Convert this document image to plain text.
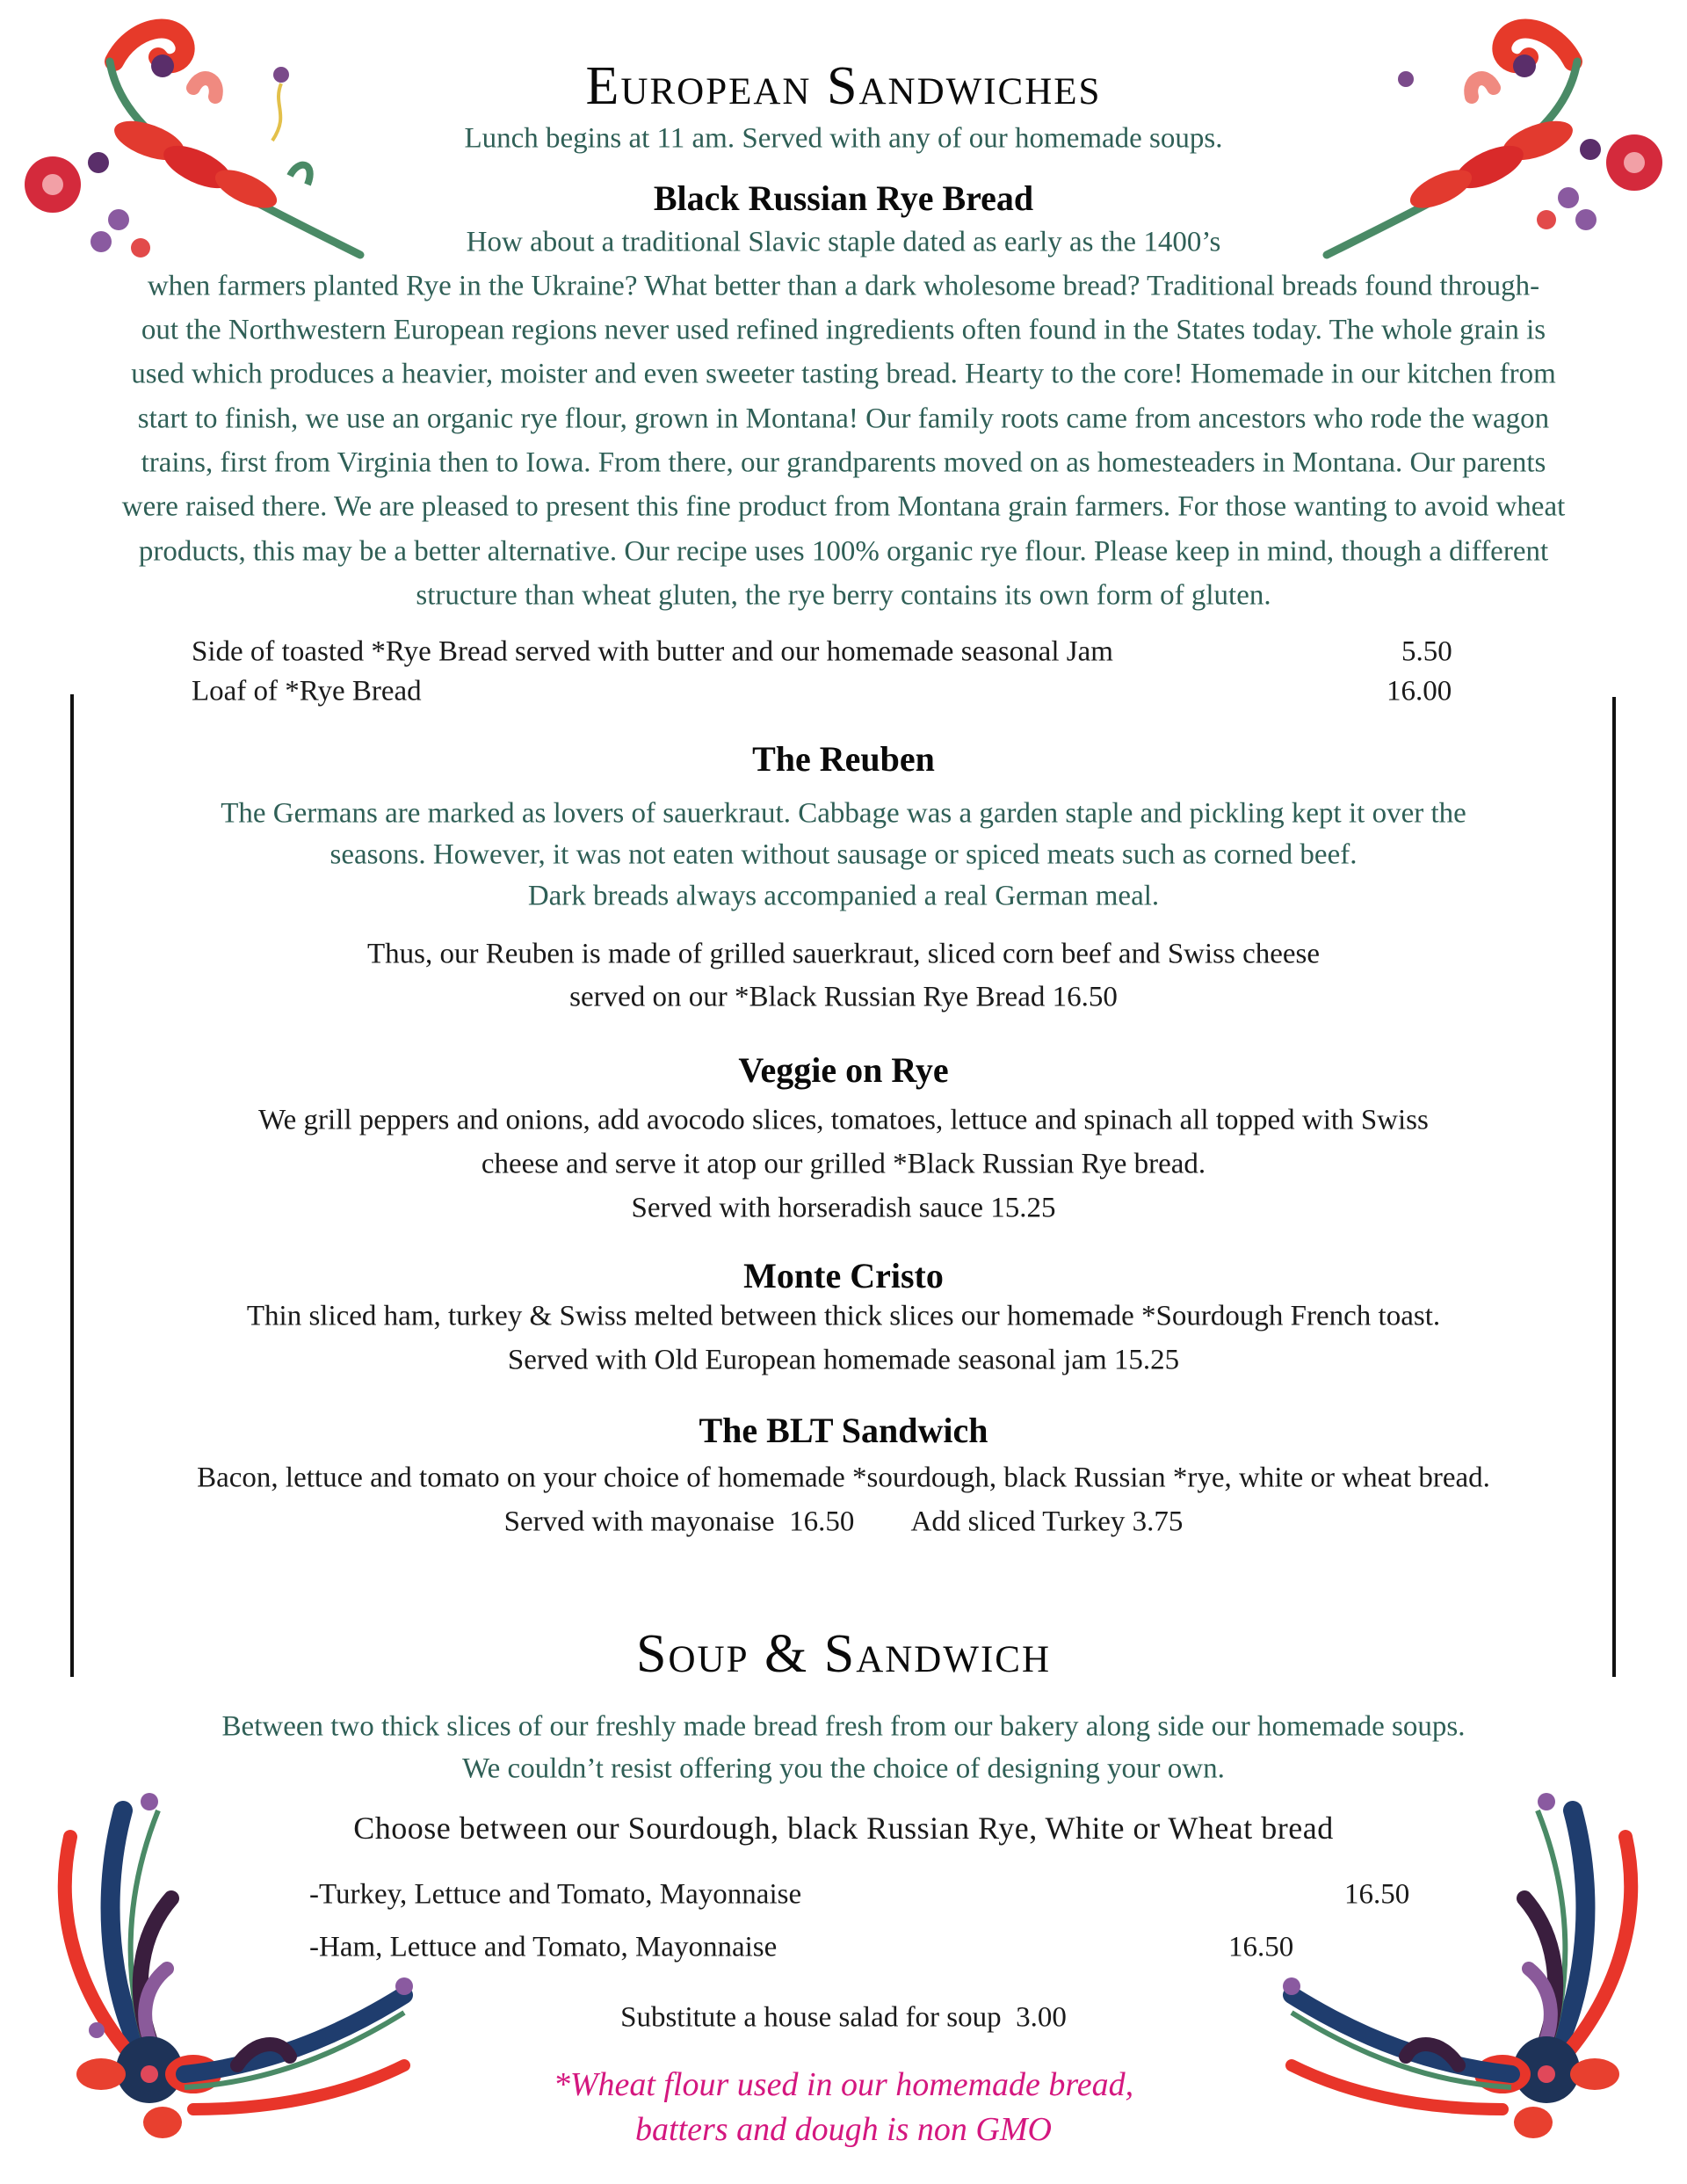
European Sandwiches
Lunch begins at 11 am. Served with any of our homemade soups.
Black Russian Rye Bread
How about a traditional Slavic staple dated as early as the 1400’s
when farmers planted Rye in the Ukraine? What better than a dark wholesome bread? Traditional breads found through-
out the Northwestern European regions never used refined ingredients often found in the States today. The whole grain is
used which produces a heavier, moister and even sweeter tasting bread. Hearty to the core! Homemade in our kitchen from
start to finish, we use an organic rye flour, grown in Montana! Our family roots came from ancestors who rode the wagon
trains, first from Virginia then to Iowa. From there, our grandparents moved on as homesteaders in Montana. Our parents
were raised there. We are pleased to present this fine product from Montana grain farmers. For those wanting to avoid wheat
products, this may be a better alternative. Our recipe uses 100% organic rye flour. Please keep in mind, though a different
structure than wheat gluten, the rye berry contains its own form of gluten.
Side of toasted *Rye Bread served with butter and our homemade seasonal Jam	5.50
Loaf of *Rye Bread	16.00
The Reuben
The Germans are marked as lovers of sauerkraut. Cabbage was a garden staple and pickling kept it over the
seasons. However, it was not eaten without sausage or spiced meats such as corned beef.
Dark breads always accompanied a real German meal.
Thus, our Reuben is made of grilled sauerkraut, sliced corn beef and Swiss cheese
served on our *Black Russian Rye Bread 16.50
Veggie on Rye
We grill peppers and onions, add avocodo slices, tomatoes, lettuce and spinach all topped with Swiss
cheese and serve it atop our grilled *Black Russian Rye bread.
Served with horseradish sauce 15.25
Monte Cristo
Thin sliced ham, turkey & Swiss melted between thick slices our homemade *Sourdough French toast.
Served with Old European homemade seasonal jam 15.25
The BLT Sandwich
Bacon, lettuce and tomato on your choice of homemade *sourdough, black Russian *rye, white or wheat bread.
Served with mayonaise  16.50        Add sliced Turkey 3.75
Soup & Sandwich
Between two thick slices of our freshly made bread fresh from our bakery along side our homemade soups.
We couldn’t resist offering you the choice of designing your own.
Choose between our Sourdough, black Russian Rye, White or Wheat bread
-Turkey, Lettuce and Tomato, Mayonnaise	16.50
-Ham, Lettuce and Tomato, Mayonnaise	16.50
Substitute a house salad for soup  3.00
*Wheat flour used in our homemade bread,
batters and dough is non GMO
